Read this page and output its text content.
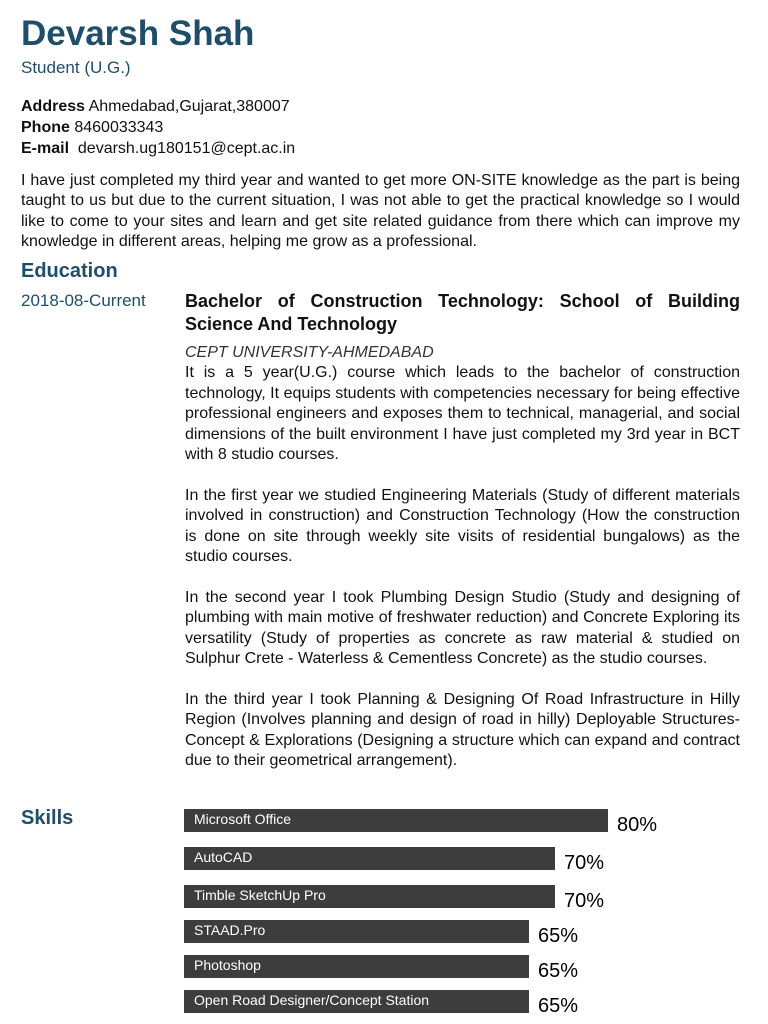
Devarsh Shah
Student (U.G.)
Address Ahmedabad,Gujarat,380007
Phone 8460033343
E-mail devarsh.ug180151@cept.ac.in
I have just completed my third year and wanted to get more ON-SITE knowledge as the part is being taught to us but due to the current situation, I was not able to get the practical knowledge so I would like to come to your sites and learn and get site related guidance from there which can improve my knowledge in different areas, helping me grow as a professional.
Education
2018-08-Current Bachelor of Construction Technology: School of Building Science And Technology
CEPT UNIVERSITY-AHMEDABAD

It is a 5 year(U.G.) course which leads to the bachelor of construction technology, It equips students with competencies necessary for being effective professional engineers and exposes them to technical, managerial, and social dimensions of the built environment I have just completed my 3rd year in BCT with 8 studio courses.

In the first year we studied Engineering Materials (Study of different materials involved in construction) and Construction Technology (How the construction is done on site through weekly site visits of residential bungalows) as the studio courses.

In the second year I took Plumbing Design Studio (Study and designing of plumbing with main motive of freshwater reduction) and Concrete Exploring its versatility (Study of properties as concrete as raw material & studied on Sulphur Crete - Waterless & Cementless Concrete) as the studio courses.

In the third year I took Planning & Designing Of Road Infrastructure in Hilly Region (Involves planning and design of road in hilly) Deployable Structures-Concept & Explorations (Designing a structure which can expand and contract due to their geometrical arrangement).

Skills	Microsoft Office	80%
AutoCAD	70%
Timble SketchUp Pro	70%
STAAD.Pro	65%
Photoshop	65%
Open Road Designer/Concept Station	65%
